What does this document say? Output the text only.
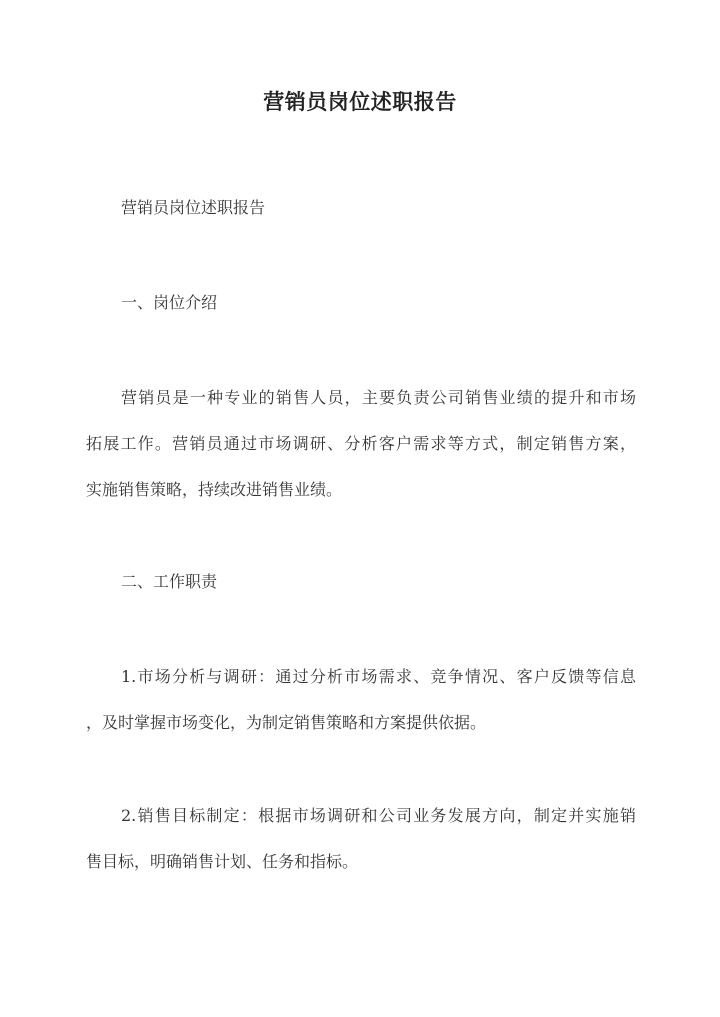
营销员岗位述职报告

营销员岗位述职报告

一、岗位介绍

营销员是一种专业的销售人员，主要负责公司销售业绩的提升和市场

拓展工作。营销员通过市场调研、分析客户需求等方式，制定销售方案，

实施销售策略，持续改进销售业绩。

二、工作职责

1.市场分析与调研：通过分析市场需求、竞争情况、客户反馈等信息

，及时掌握市场变化，为制定销售策略和方案提供依据。

2.销售目标制定：根据市场调研和公司业务发展方向，制定并实施销

售目标，明确销售计划、任务和指标。
